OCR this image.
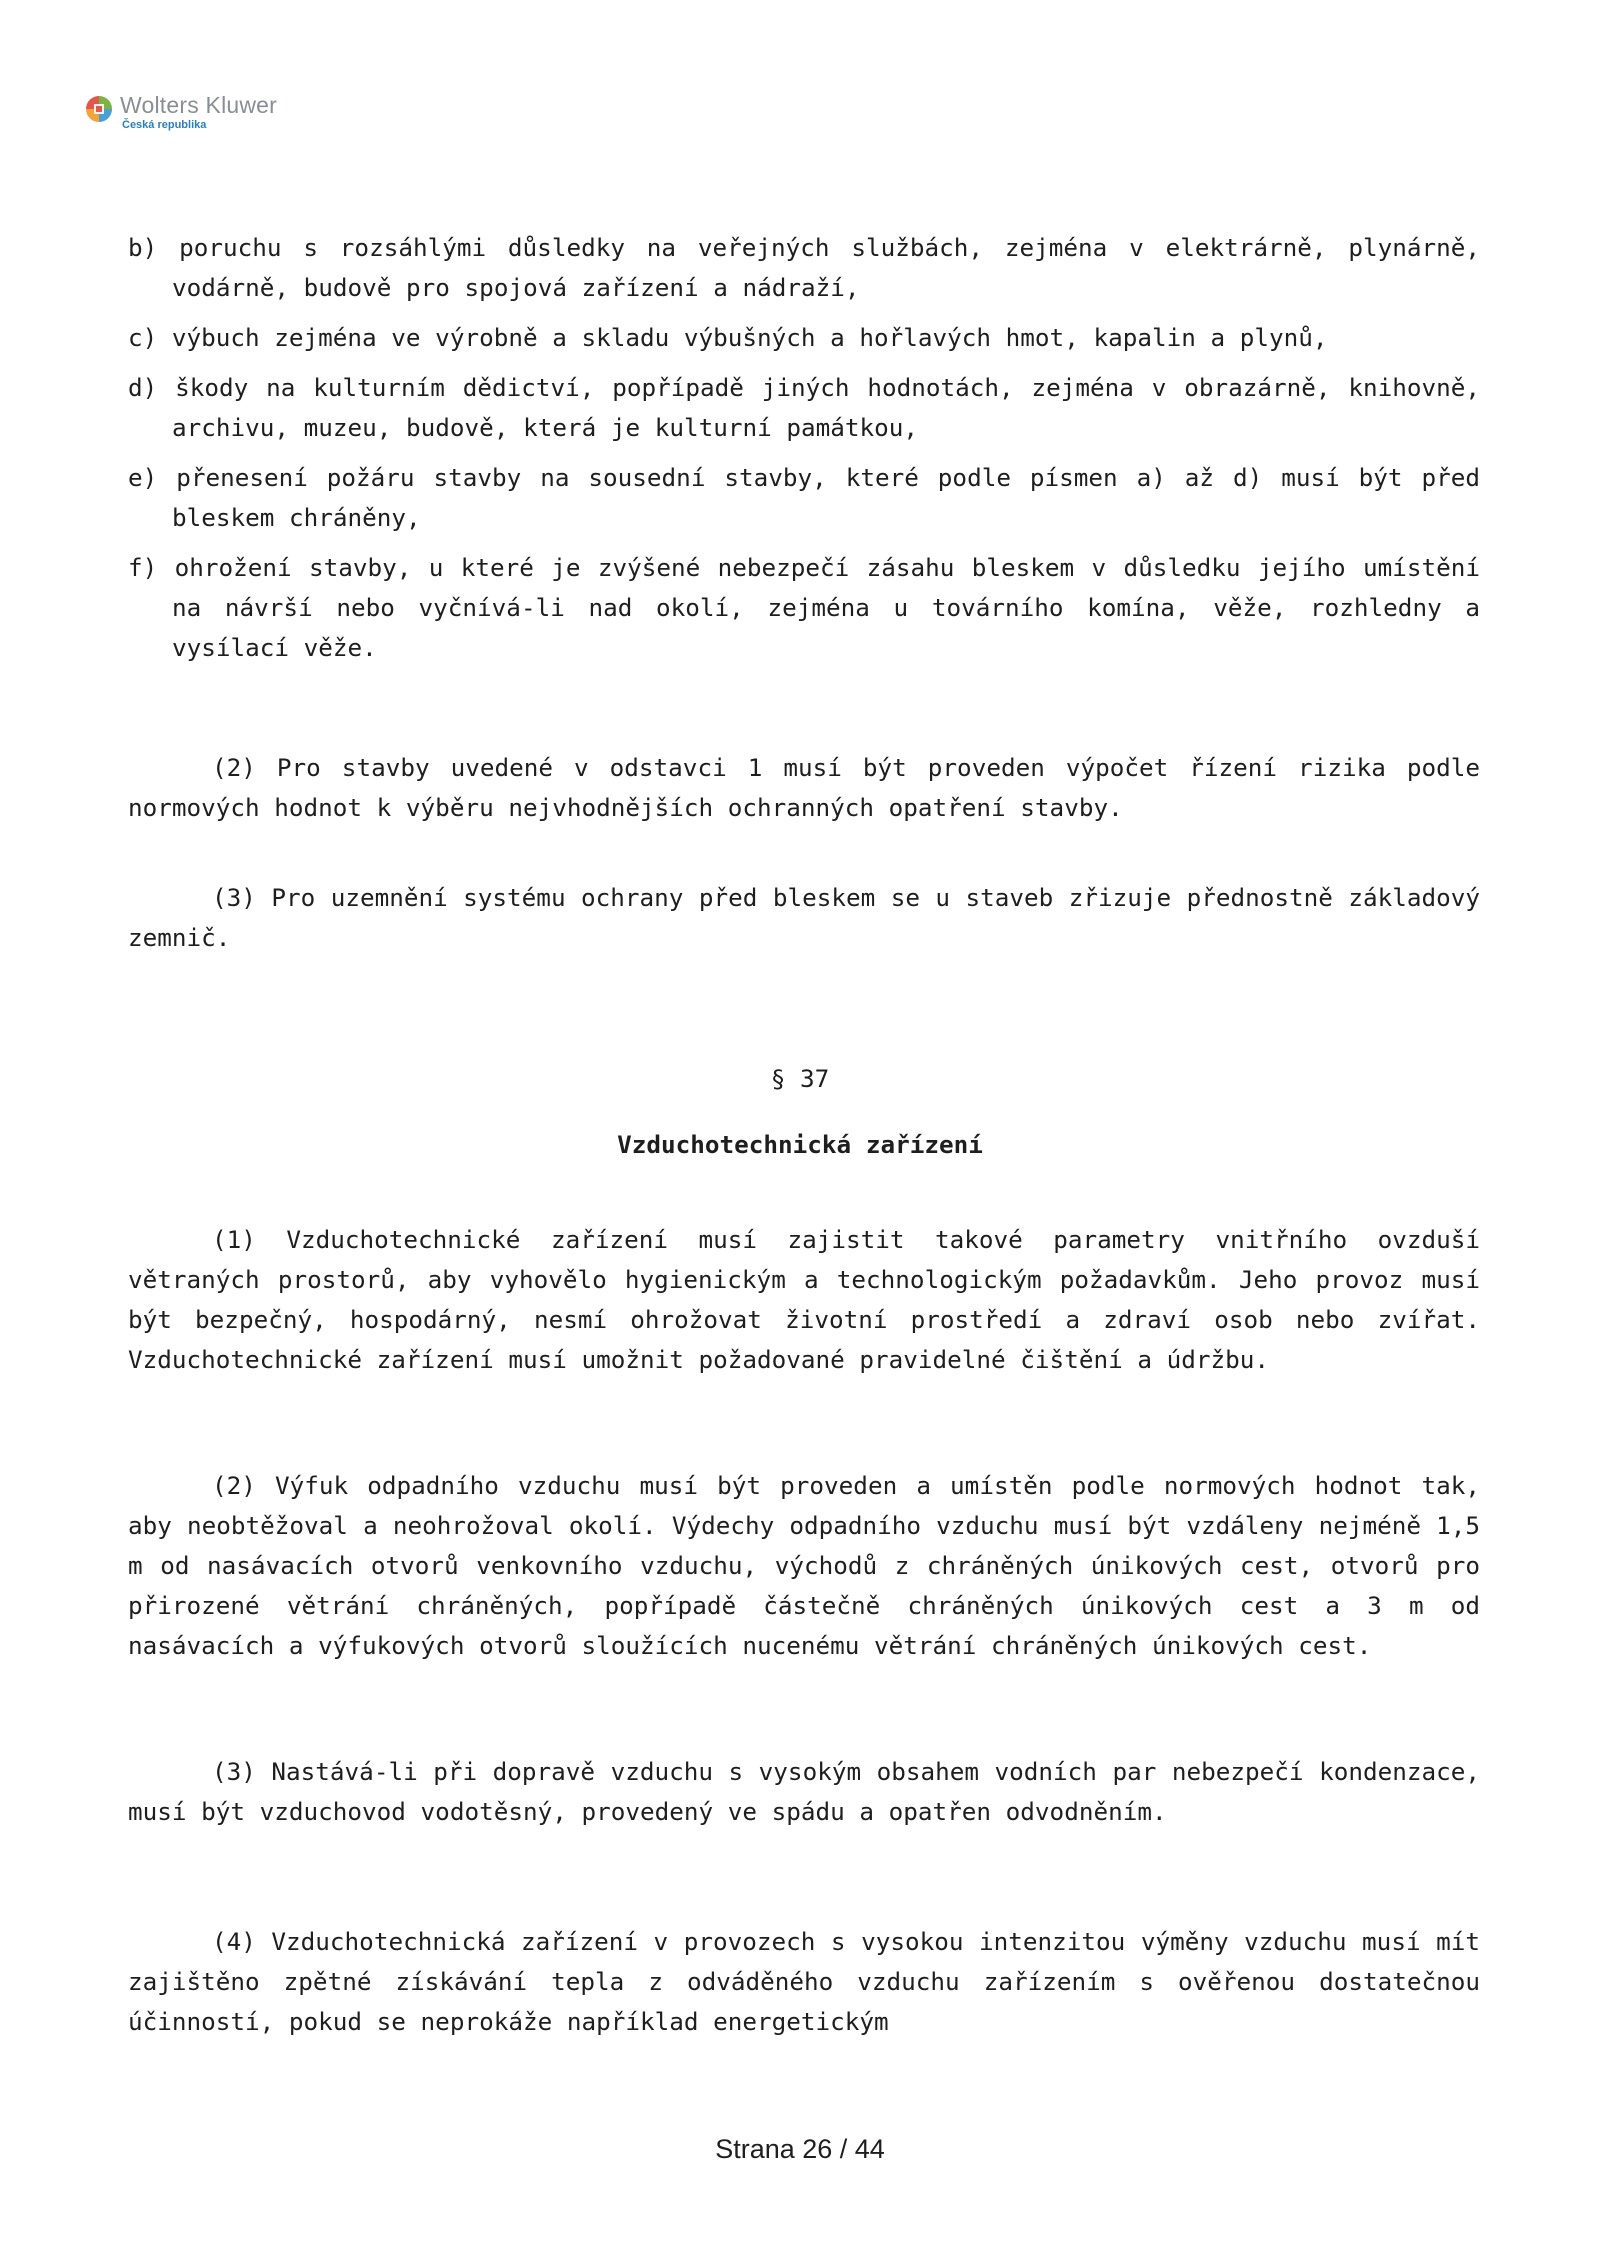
Wolters Kluwer
Česká republika

b) poruchu s rozsáhlými důsledky na veřejných službách, zejména v elektrárně, plynárně, vodárně, budově pro spojová zařízení a nádraží,

c) výbuch zejména ve výrobně a skladu výbušných a hořlavých hmot, kapalin a plynů,

d) škody na kulturním dědictví, popřípadě jiných hodnotách, zejména v obrazárně, knihovně, archivu, muzeu, budově, která je kulturní památkou,

e) přenesení požáru stavby na sousední stavby, které podle písmen a) až d) musí být před bleskem chráněny,

f) ohrožení stavby, u které je zvýšené nebezpečí zásahu bleskem v důsledku jejího umístění na návrší nebo vyčnívá-li nad okolí, zejména u továrního komína, věže, rozhledny a vysílací věže.

(2) Pro stavby uvedené v odstavci 1 musí být proveden výpočet řízení rizika podle normových hodnot k výběru nejvhodnějších ochranných opatření stavby.

(3) Pro uzemnění systému ochrany před bleskem se u staveb zřizuje přednostně základový zemnič.

§ 37
Vzduchotechnická zařízení

(1) Vzduchotechnické zařízení musí zajistit takové parametry vnitřního ovzduší větraných prostorů, aby vyhovělo hygienickým a technologickým požadavkům. Jeho provoz musí být bezpečný, hospodárný, nesmí ohrožovat životní prostředí a zdraví osob nebo zvířat. Vzduchotechnické zařízení musí umožnit požadované pravidelné čištění a údržbu.

(2) Výfuk odpadního vzduchu musí být proveden a umístěn podle normových hodnot tak, aby neobtěžoval a neohrožoval okolí. Výdechy odpadního vzduchu musí být vzdáleny nejméně 1,5 m od nasávacích otvorů venkovního vzduchu, východů z chráněných únikových cest, otvorů pro přirozené větrání chráněných, popřípadě částečně chráněných únikových cest a 3 m od nasávacích a výfukových otvorů sloužících nucenému větrání chráněných únikových cest.

(3) Nastává-li při dopravě vzduchu s vysokým obsahem vodních par nebezpečí kondenzace, musí být vzduchovod vodotěsný, provedený ve spádu a opatřen odvodněním.

(4) Vzduchotechnická zařízení v provozech s vysokou intenzitou výměny vzduchu musí mít zajištěno zpětné získávání tepla z odváděného vzduchu zařízením s ověřenou dostatečnou účinností, pokud se neprokáže například energetickým

Strana 26 / 44
